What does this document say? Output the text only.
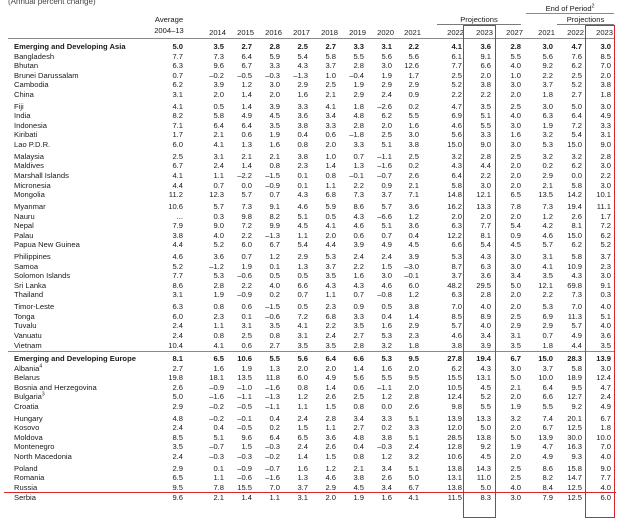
(Annual percent change)
Average
2004–13
Projections
End of Period$^2$
Projections
2014	2015	2016	2017	2018	2019	2020	2021	2022	2023	2027	2021	2022	2023
Emerging and Developing Asia	5.0	3.5	2.7	2.8	2.5	2.7	3.3	3.1	2.2	4.1	3.6	2.8	3.0	4.7	3.0
Bangladesh	7.7	7.3	6.4	5.9	5.4	5.8	5.5	5.6	5.6	6.1	9.1	5.5	5.6	7.6	8.5
Bhutan	6.3	9.6	6.7	3.3	4.3	3.7	2.8	3.0	12.6	7.7	6.6	4.0	9.2	6.2	7.0
Brunei Darussalam	0.7	–0.2	–0.5	–0.3	–1.3	1.0	–0.4	1.9	1.7	2.5	2.0	1.0	2.2	2.5	2.0
Cambodia	6.2	3.9	1.2	3.0	2.9	2.5	1.9	2.9	2.9	5.2	3.8	3.0	3.7	5.2	3.8
China	3.1	2.0	1.4	2.0	1.6	2.1	2.9	2.4	0.9	2.2	2.2	2.0	1.8	2.7	1.8
Fiji	4.1	0.5	1.4	3.9	3.3	4.1	1.8	–2.6	0.2	4.7	3.5	2.5	3.0	5.0	3.0
India	8.2	5.8	4.9	4.5	3.6	3.4	4.8	6.2	5.5	6.9	5.1	4.0	6.3	6.4	4.9
Indonesia	7.1	6.4	6.4	3.5	3.8	3.3	2.8	2.0	1.6	4.6	5.5	3.0	1.9	7.2	3.3
Kiribati	1.7	2.1	0.6	1.9	0.4	0.6	–1.8	2.5	3.0	5.6	3.3	1.6	3.2	5.4	3.1
Lao P.D.R.	6.0	4.1	1.3	1.6	0.8	2.0	3.3	5.1	3.8	15.0	9.0	3.0	5.3	15.0	9.0
Malaysia	2.5	3.1	2.1	2.1	3.8	1.0	0.7	–1.1	2.5	3.2	2.8	2.5	3.2	3.2	2.8
Maldives	6.7	2.4	1.4	0.8	2.3	1.4	1.3	–1.6	0.2	4.3	4.4	2.0	0.2	6.2	3.0
Marshall Islands	4.1	1.1	–2.2	–1.5	0.1	0.8	–0.1	–0.7	2.6	6.4	2.2	2.0	2.9	0.0	2.2
Micronesia	4.4	0.7	0.0	–0.9	0.1	1.1	2.2	0.9	2.1	5.8	3.0	2.0	2.1	5.8	3.0
Mongolia	11.2	12.3	5.7	0.7	4.3	6.8	7.3	3.7	7.1	14.8	12.1	6.5	13.5	14.2	10.1
Myanmar	10.6	5.7	7.3	9.1	4.6	5.9	8.6	5.7	3.6	16.2	13.3	7.8	7.3	19.4	11.1
Nauru	...	0.3	9.8	8.2	5.1	0.5	4.3	–6.6	1.2	2.0	2.0	2.0	1.2	2.6	1.7
Nepal	7.9	9.0	7.2	9.9	4.5	4.1	4.6	5.1	3.6	6.3	7.7	5.4	4.2	8.1	7.2
Palau	3.8	4.0	2.2	–1.3	1.1	2.0	0.6	0.7	0.4	12.2	8.1	0.9	4.6	15.0	6.2
Papua New Guinea	4.4	5.2	6.0	6.7	5.4	4.4	3.9	4.9	4.5	6.6	5.4	4.5	5.7	6.2	5.2
Philippines	4.6	3.6	0.7	1.2	2.9	5.3	2.4	2.4	3.9	5.3	4.3	3.0	3.1	5.8	3.7
Samoa	5.2	–1.2	1.9	0.1	1.3	3.7	2.2	1.5	–3.0	8.7	6.3	3.0	4.1	10.9	2.3
Solomon Islands	7.7	5.3	–0.6	0.5	0.5	3.5	1.6	3.0	–0.1	3.7	3.6	3.4	3.5	4.3	3.0
Sri Lanka	8.6	2.8	2.2	4.0	6.6	4.3	4.3	4.6	6.0	48.2	29.5	5.0	12.1	69.8	9.1
Thailand	3.1	1.9	–0.9	0.2	0.7	1.1	0.7	–0.8	1.2	6.3	2.8	2.0	2.2	7.3	0.3
Timor-Leste	6.3	0.8	0.6	–1.5	0.5	2.3	0.9	0.5	3.8	7.0	4.0	2.0	5.3	7.0	4.0
Tonga	6.0	2.3	0.1	–0.6	7.2	6.8	3.3	0.4	1.4	8.5	8.9	2.5	6.9	11.3	5.1
Tuvalu	2.4	1.1	3.1	3.5	4.1	2.2	3.5	1.6	2.9	5.7	4.0	2.9	2.9	5.7	4.0
Vanuatu	2.4	0.8	2.5	0.8	3.1	2.4	2.7	5.3	2.3	4.6	3.4	3.1	0.7	4.9	3.6
Vietnam	10.4	4.1	0.6	2.7	3.5	3.5	2.8	3.2	1.8	3.8	3.9	3.5	1.8	4.4	3.5
Emerging and Developing Europe	8.1	6.5	10.6	5.5	5.6	6.4	6.6	5.3	9.5	27.8	19.4	6.7	15.0	28.3	13.9
Albania$^4$	2.7	1.6	1.9	1.3	2.0	2.0	1.4	1.6	2.0	6.2	4.3	3.0	3.7	5.8	3.0
Belarus	19.8	18.1	13.5	11.8	6.0	4.9	5.6	5.5	9.5	15.5	13.1	5.0	10.0	18.9	12.4
Bosnia and Herzegovina	2.6	–0.9	–1.0	–1.6	0.8	1.4	0.6	–1.1	2.0	10.5	4.5	2.1	6.4	9.5	4.7
Bulgaria$^3$	5.0	–1.6	–1.1	–1.3	1.2	2.6	2.5	1.2	2.8	12.4	5.2	2.0	6.6	12.7	2.4
Croatia	2.9	–0.2	–0.5	–1.1	1.1	1.5	0.8	0.0	2.6	9.8	5.5	1.9	5.5	9.2	4.9
Hungary	4.8	–0.2	–0.1	0.4	2.4	2.8	3.4	3.3	5.1	13.9	13.3	3.2	7.4	20.1	6.7
Kosovo	2.4	0.4	–0.5	0.2	1.5	1.1	2.7	0.2	3.3	12.0	5.0	2.0	6.7	12.5	1.8
Moldova	8.5	5.1	9.6	6.4	6.5	3.6	4.8	3.8	5.1	28.5	13.8	5.0	13.9	30.0	10.0
Montenegro	3.5	–0.7	1.5	–0.3	2.4	2.6	0.4	–0.3	2.4	12.8	9.2	1.9	4.7	16.3	7.0
North Macedonia	2.4	–0.3	–0.3	–0.2	1.4	1.5	0.8	1.2	3.2	10.6	4.5	2.0	4.9	9.3	4.0
Poland	2.9	0.1	–0.9	–0.7	1.6	1.2	2.1	3.4	5.1	13.8	14.3	2.5	8.6	15.8	9.0
Romania	6.5	1.1	–0.6	–1.6	1.3	4.6	3.8	2.6	5.0	13.1	11.0	2.5	8.2	14.7	7.7
Russia	9.5	7.8	15.5	7.0	3.7	2.9	4.5	3.4	6.7	13.8	5.0	4.0	8.4	12.5	4.0
Serbia	9.6	2.1	1.4	1.1	3.1	2.0	1.9	1.6	4.1	11.5	8.3	3.0	7.9	12.5	6.0
